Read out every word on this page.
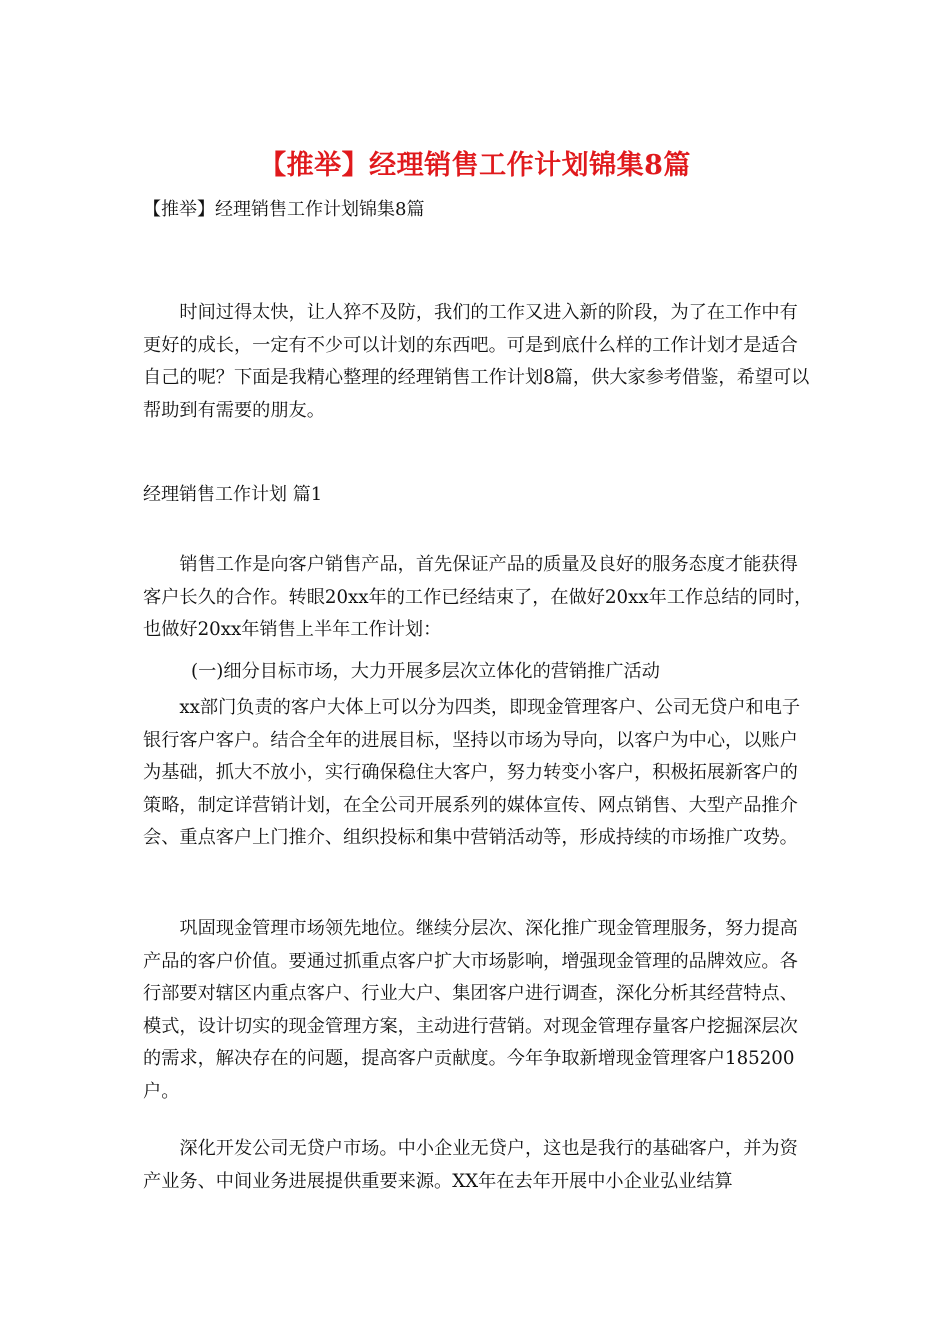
【推举】经理销售工作计划锦集8篇
【推举】经理销售工作计划锦集8篇

时间过得太快，让人猝不及防，我们的工作又进入新的阶段，为了在工作中有更好的成长，一定有不少可以计划的东西吧。可是到底什么样的工作计划才是适合自己的呢？下面是我精心整理的经理销售工作计划8篇，供大家参考借鉴，希望可以帮助到有需要的朋友。

经理销售工作计划 篇1

销售工作是向客户销售产品，首先保证产品的质量及良好的服务态度才能获得客户长久的合作。转眼20xx年的工作已经结束了，在做好20xx年工作总结的同时，也做好20xx年销售上半年工作计划：

(一)细分目标市场，大力开展多层次立体化的营销推广活动

xx部门负责的客户大体上可以分为四类，即现金管理客户、公司无贷户和电子银行客户客户。结合全年的进展目标，坚持以市场为导向，以客户为中心，以账户为基础，抓大不放小，实行确保稳住大客户，努力转变小客户，积极拓展新客户的策略，制定详营销计划，在全公司开展系列的媒体宣传、网点销售、大型产品推介会、重点客户上门推介、组织投标和集中营销活动等，形成持续的市场推广攻势。

巩固现金管理市场领先地位。继续分层次、深化推广现金管理服务，努力提高产品的客户价值。要通过抓重点客户扩大市场影响，增强现金管理的品牌效应。各行部要对辖区内重点客户、行业大户、集团客户进行调查，深化分析其经营特点、模式，设计切实的现金管理方案，主动进行营销。对现金管理存量客户挖掘深层次的需求，解决存在的问题，提高客户贡献度。今年争取新增现金管理客户185200户。

深化开发公司无贷户市场。中小企业无贷户，这也是我行的基础客户，并为资产业务、中间业务进展提供重要来源。XX年在去年开展中小企业弘业结算
